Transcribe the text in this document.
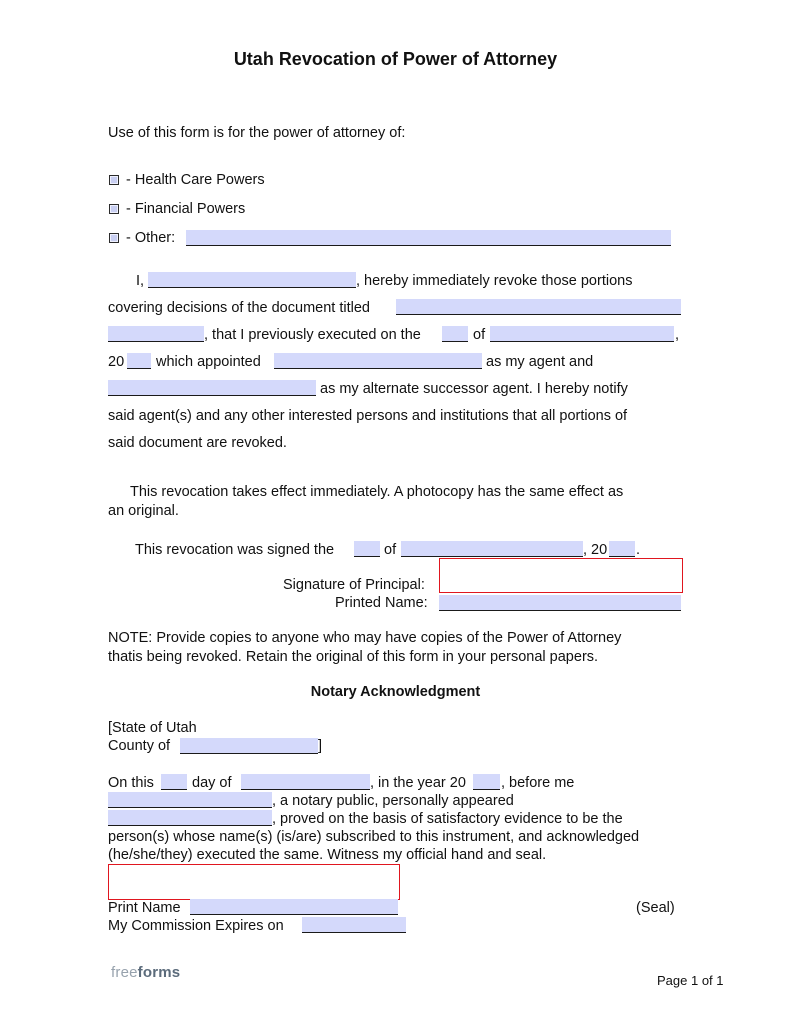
Utah Revocation of Power of Attorney
Use of this form is for the power of attorney of:
- Health Care Powers
- Financial Powers
- Other:
I,	, hereby immediately revoke those portions
covering decisions of the document titled
, that I previously executed on the	of	,
20 which appointed	as my agent and
as my alternate successor agent. I hereby notify
said agent(s) and any other interested persons and institutions that all portions of
said document are revoked.
This revocation takes effect immediately. A photocopy has the same effect as
an original.
This revocation was signed the	of	, 20 .
Signature of Principal:
Printed Name:
NOTE: Provide copies to anyone who may have copies of the Power of Attorney
thatis being revoked. Retain the original of this form in your personal papers.
Notary Acknowledgment
[State of Utah
County of	]
On this	day of	, in the year 20 , before me
, a notary public, personally appeared
, proved on the basis of satisfactory evidence to be the
person(s) whose name(s) (is/are) subscribed to this instrument, and acknowledged
(he/she/they) executed the same. Witness my official hand and seal.
Print Name	(Seal)
My Commission Expires on
freeforms	Page 1 of 1
